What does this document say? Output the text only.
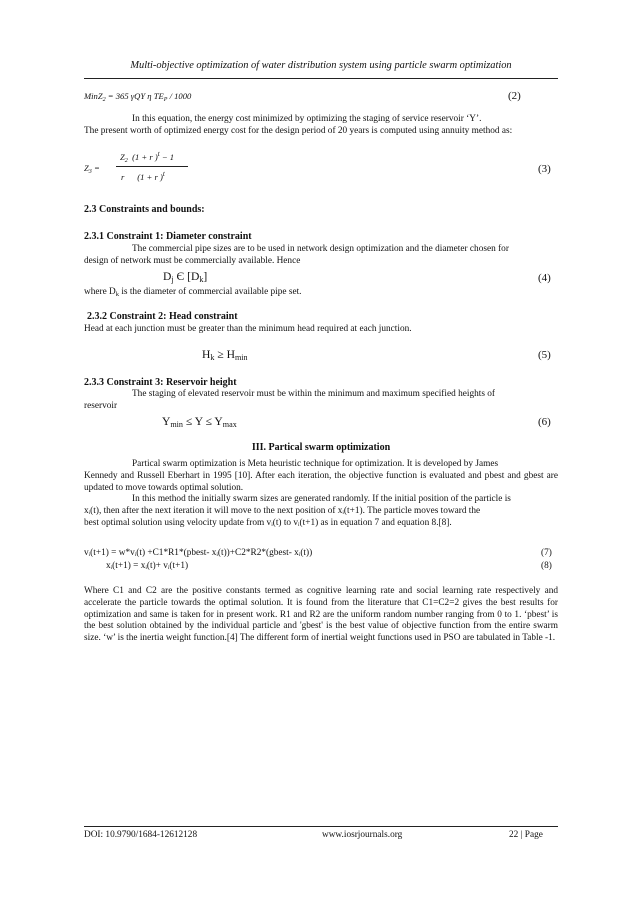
Multi-objective optimization of water distribution system using particle swarm optimization
MinZ$_2$ = 365 γQY η $TE_P / 1000$	(2)
In this equation, the energy cost minimized by optimizing the staging of service reservoir ‘Y’.
The present worth of optimized energy cost for the design period of 20 years is computed using annuity method as:
$Z_3$ =
$Z_2$ (1 + r )$^t$ − 1
r (1 + r )$^t$	(3)
2.3 Constraints and bounds:
2.3.1 Constraint 1: Diameter constraint
The commercial pipe sizes are to be used in network design optimization and the diameter chosen for
design of network must be commercially available. Hence
$D_j$ Є $[D_k]$	(4)
where $D_k$ is the diameter of commercial available pipe set.
2.3.2 Constraint 2: Head constraint
Head at each junction must be greater than the minimum head required at each junction.
$H_k \ge H_{min}$	(5)
2.3.3 Constraint 3: Reservoir height
The staging of elevated reservoir must be within the minimum and maximum specified heights of
reservoir
$Y_{min} \le Y \le Y_{max}$	(6)
III. Partical swarm optimization
Partical swarm optimization is Meta heuristic technique for optimization. It is developed by James
Kennedy and Russell Eberhart in 1995 [10]. After each iteration, the objective function is evaluated and pbest and gbest are updated to move towards optimal solution.
In this method the initially swarm sizes are generated randomly. If the initial position of the particle is
xᵢ(t), then after the next iteration it will move to the next position of xᵢ(t+1). The particle moves toward the
best optimal solution using velocity update from vᵢ(t) to vᵢ(t+1) as in equation 7 and equation 8.[8].
vᵢ(t+1) = w*vᵢ(t) +C1*R1*(pbest- xᵢ(t))+C2*R2*(gbest- xᵢ(t))	(7)
xᵢ(t+1) = xᵢ(t)+ vᵢ(t+1)	(8)
Where C1 and C2 are the positive constants termed as cognitive learning rate and social learning rate respectively and accelerate the particle towards the optimal solution. It is found from the literature that C1=C2=2 gives the best results for optimization and same is taken for in present work. R1 and R2 are the uniform random number ranging from 0 to 1. ‘pbest’ is the best solution obtained by the individual particle and 'gbest' is the best value of objective function from the entire swarm size. ‘w’ is the inertia weight function.[4] The different form of inertial weight functions used in PSO are tabulated in Table -1.
DOI: 10.9790/1684-12612128	www.iosrjournals.org	22 | Page
